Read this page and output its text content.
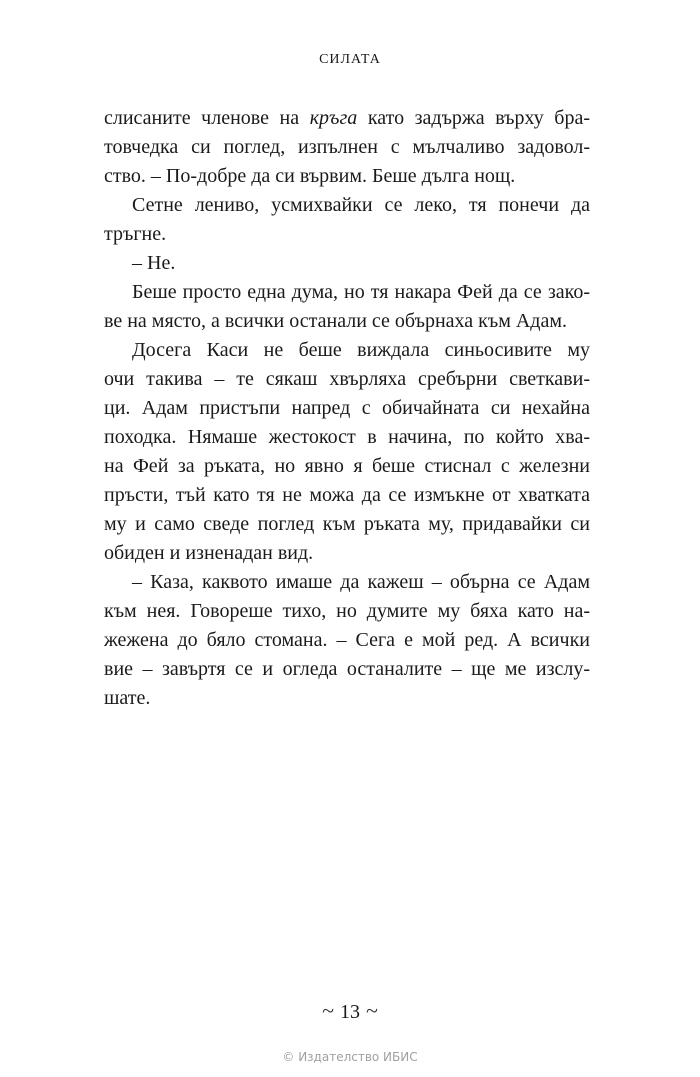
СИЛАТА
слисаните членове на кръга като задържа върху бра-
товчедка си поглед, изпълнен с мълчаливо задовол-
ство. – По-добре да си вървим. Беше дълга нощ.
Сетне лениво, усмихвайки се леко, тя понечи да
тръгне.
– Не.
Беше просто една дума, но тя накара Фей да се зако-
ве на място, а всички останали се обърнаха към Адам.
Досега Каси не беше виждала синьосивите му
очи такива – те сякаш хвърляха сребърни светкави-
ци. Адам пристъпи напред с обичайната си нехайна
походка. Нямаше жестокост в начина, по който хва-
на Фей за ръката, но явно я беше стиснал с железни
пръсти, тъй като тя не можа да се измъкне от хватката
му и само сведе поглед към ръката му, придавайки си
обиден и изненадан вид.
– Каза, каквото имаше да кажеш – обърна се Адам
към нея. Говореше тихо, но думите му бяха като на-
жежена до бяло стомана. – Сега е мой ред. А всички
вие – завъртя се и огледа останалите – ще ме изслу-
шате.
~ 13 ~
© Издателство ИБИС
